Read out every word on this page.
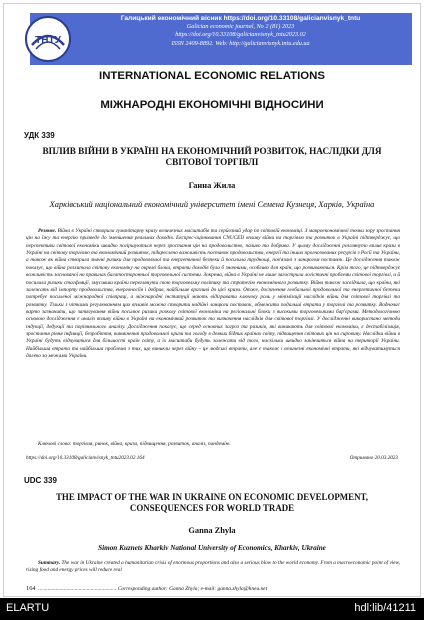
ТНТУ
Галицький економічний вісник https://doi.org/10.33108/galicianvisnyk_tntu
Galician economic journal, No 2 (81) 2023
https://doi.org/10.33108/galicianvisnyk_tntu2023.02
ISSN 2409-8892. Web: http://galicianvisnyk.tntu.edu.ua
INTERNATIONAL ECONOMIC RELATIONS
МІЖНАРОДНІ ЕКОНОМІЧНІ ВІДНОСИНИ
УДК 339
ВПЛИВ ВІЙНИ В УКРАЇНІ НА ЕКОНОМІЧНИЙ РОЗВИТОК, НАСЛІДКИ ДЛЯ СВІТОВОЇ ТОРГІВЛІ
Ганна Жила
Харківський національний економічний університет імені Семена Кузнеця, Харків, Україна
Резюме. Війна в Україні створила гуманітарну кризу величезних масштабів та серйозний удар по світовій економіці. З макроекономічної точки зору зростання цін на їжу та енергію призведе до зменшення реальних доходів. Експрес-оцінювання CNUCED впливу війни на торгівлю та розвиток в Україні підтверджує, що перспективи світової економіки швидко погіршуються через зростання цін на продовольство, паливо та добрива. У цьому дослідженні розглянуто вплив кризи в Україні на світову торгівлю та економічний розвиток, підкреслено важливість поставок продовольства, енергії та інших прогнозованих ресурсів з Росії та України, а також як війна створила значні ризики для продовольчої та енергетичної безпеки й посилила труднощі, пов'язані з ланцюгом поставок. Це дослідження також показує, що війна розхитала світову економіку на окремі блоки, втрати доходів були б значними, особливо для країн, що розвиваються. Крім того, це підтверджує важливість заснованої на правилах багатосторонньої торговельної системи. Зокрема, війна в Україні не лише загострила логістичні проблеми світової торгівлі, а й посилила ризики стагфляції, змусивши країни переглянути свою торговельну політику та стратегію економічного розвитку. Війна також засвідчила, що країни, які залежать від імпорту продовольства, енергоносіїв і добрив, найбільше вразливі до цієї кризи. Отже, досягнення глобальної продовольчої та енергетичної безпеки потребує посиленої міжнародної співпраці, а міжнародні інституції мають відігравати ключову роль у мінімізації наслідків війни для світової торгівлі та розвитку. Тільки з чіткими регулюванням цих впливів можна створити надійні ланцюги поставок, обмежити подальші втрати у торгівлі та розвитку. Водночас варто зазначити, що затягування війни посилює ризики розколу світової економіки на регіональні блоки з високими торговельними бар'єрами. Методологічною основою дослідження є аналіз впливу війни в Україні на економічний розвиток та визначення наслідків для світової торгівлі. У дослідженні використано методи індукції, дедукції та порівняльного аналізу. Дослідження показує, що серед основних загроз та ризиків, які виникають для світової економіки, є дестабілізація, зростання рівня інфляції, безробіття, виникнення продовольчої кризи та голоду в деяких бідних країнах світу, підвищення світових цін на сировину. Наслідки війни в Україні будуть відчуватися для більшості країн світу, а їх масштаби будуть залежати від того, наскільки швидко закінчиться війна на території України. Найбільша втрата та найбільша проблема з тих, що виникли через війну – це людські втрати, але є також і величезні економічні втрати, які відчуватимуться далеко за межами України.
Ключові слова: торгівля, ринок, війна, криза, підвищення, розвиток, аналіз, пандемію.
https://doi.org/10.33108/galicianvisnyk_tntu2023.02.164	Отримано 20.03.2023
UDC 339
THE IMPACT OF THE WAR IN UKRAINE ON ECONOMIC DEVELOPMENT, CONSEQUENCES FOR WORLD TRADE
Ganna Zhyla
Simon Kuznets Kharkiv National University of Economics, Kharkiv, Ukraine
Summary. The war in Ukraine created a humanitarian crisis of enormous proportions and also a serious blow to the world economy. From a macroeconomic point of view, rising food and energy prices will reduce real
164  .......................................................... Corresponding author: Ganna Zhyla; e-mail: ganna.zhyla@hneu.net
ELARTU	hdl:lib/41211
